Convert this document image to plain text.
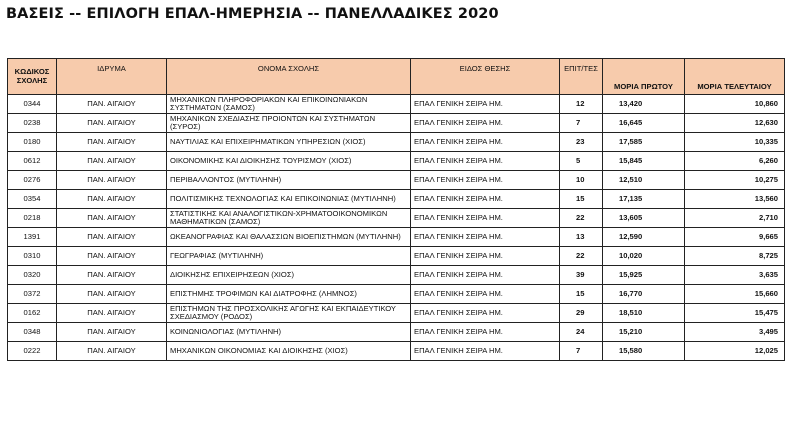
ΒΑΣΕΙΣ -- ΕΠΙΛΟΓΗ ΕΠΑΛ-ΗΜΕΡΗΣΙΑ -- ΠΑΝΕΛΛΑΔΙΚΕΣ 2020
ΚΩΔΙΚΟΣ ΣΧΟΛΗΣ	ΙΔΡΥΜΑ	ΟΝΟΜΑ ΣΧΟΛΗΣ	ΕΙΔΟΣ ΘΕΣΗΣ	ΕΠΙΤ/ΤΕΣ	ΜΟΡΙΑ ΠΡΩΤΟΥ	ΜΟΡΙΑ ΤΕΛΕΥΤΑΙΟΥ
0344	ΠΑΝ. ΑΙΓΑΙΟΥ	ΜΗΧΑΝΙΚΩΝ ΠΛΗΡΟΦΟΡΙΑΚΩΝ ΚΑΙ ΕΠΙΚΟΙΝΩΝΙΑΚΩΝ ΣΥΣΤΗΜΑΤΩΝ (ΣΑΜΟΣ)	ΕΠΑΛ ΓΕΝΙΚΗ ΣΕΙΡΑ ΗΜ.	12	13,420	10,860
0238	ΠΑΝ. ΑΙΓΑΙΟΥ	ΜΗΧΑΝΙΚΩΝ ΣΧΕΔΙΑΣΗΣ ΠΡΟΙΟΝΤΩΝ ΚΑΙ ΣΥΣΤΗΜΑΤΩΝ (ΣΥΡΟΣ)	ΕΠΑΛ ΓΕΝΙΚΗ ΣΕΙΡΑ ΗΜ.	7	16,645	12,630
0180	ΠΑΝ. ΑΙΓΑΙΟΥ	ΝΑΥΤΙΛΙΑΣ ΚΑΙ ΕΠΙΧΕΙΡΗΜΑΤΙΚΩΝ ΥΠΗΡΕΣΙΩΝ (ΧΙΟΣ)	ΕΠΑΛ ΓΕΝΙΚΗ ΣΕΙΡΑ ΗΜ.	23	17,585	10,335
0612	ΠΑΝ. ΑΙΓΑΙΟΥ	ΟΙΚΟΝΟΜΙΚΗΣ ΚΑΙ ΔΙΟΙΚΗΣΗΣ ΤΟΥΡΙΣΜΟΥ (ΧΙΟΣ)	ΕΠΑΛ ΓΕΝΙΚΗ ΣΕΙΡΑ ΗΜ.	5	15,845	6,260
0276	ΠΑΝ. ΑΙΓΑΙΟΥ	ΠΕΡΙΒΑΛΛΟΝΤΟΣ (ΜΥΤΙΛΗΝΗ)	ΕΠΑΛ ΓΕΝΙΚΗ ΣΕΙΡΑ ΗΜ.	10	12,510	10,275
0354	ΠΑΝ. ΑΙΓΑΙΟΥ	ΠΟΛΙΤΙΣΜΙΚΗΣ ΤΕΧΝΟΛΟΓΙΑΣ ΚΑΙ ΕΠΙΚΟΙΝΩΝΙΑΣ (ΜΥΤΙΛΗΝΗ)	ΕΠΑΛ ΓΕΝΙΚΗ ΣΕΙΡΑ ΗΜ.	15	17,135	13,560
0218	ΠΑΝ. ΑΙΓΑΙΟΥ	ΣΤΑΤΙΣΤΙΚΗΣ ΚΑΙ ΑΝΑΛΟΓΙΣΤΙΚΩΝ-ΧΡΗΜΑΤΟΟΙΚΟΝΟΜΙΚΩΝ ΜΑΘΗΜΑΤΙΚΩΝ (ΣΑΜΟΣ)	ΕΠΑΛ ΓΕΝΙΚΗ ΣΕΙΡΑ ΗΜ.	22	13,605	2,710
1391	ΠΑΝ. ΑΙΓΑΙΟΥ	ΩΚΕΑΝΟΓΡΑΦΙΑΣ ΚΑΙ ΘΑΛΑΣΣΙΩΝ ΒΙΟΕΠΙΣΤΗΜΩΝ (ΜΥΤΙΛΗΝΗ)	ΕΠΑΛ ΓΕΝΙΚΗ ΣΕΙΡΑ ΗΜ.	13	12,590	9,665
0310	ΠΑΝ. ΑΙΓΑΙΟΥ	ΓΕΩΓΡΑΦΙΑΣ (ΜΥΤΙΛΗΝΗ)	ΕΠΑΛ ΓΕΝΙΚΗ ΣΕΙΡΑ ΗΜ.	22	10,020	8,725
0320	ΠΑΝ. ΑΙΓΑΙΟΥ	ΔΙΟΙΚΗΣΗΣ ΕΠΙΧΕΙΡΗΣΕΩΝ (ΧΙΟΣ)	ΕΠΑΛ ΓΕΝΙΚΗ ΣΕΙΡΑ ΗΜ.	39	15,925	3,635
0372	ΠΑΝ. ΑΙΓΑΙΟΥ	ΕΠΙΣΤΗΜΗΣ ΤΡΟΦΙΜΩΝ ΚΑΙ ΔΙΑΤΡΟΦΗΣ (ΛΗΜΝΟΣ)	ΕΠΑΛ ΓΕΝΙΚΗ ΣΕΙΡΑ ΗΜ.	15	16,770	15,660
0162	ΠΑΝ. ΑΙΓΑΙΟΥ	ΕΠΙΣΤΗΜΩΝ ΤΗΣ ΠΡΟΣΧΟΛΙΚΗΣ ΑΓΩΓΗΣ ΚΑΙ ΕΚΠΑΙΔΕΥΤΙΚΟΥ ΣΧΕΔΙΑΣΜΟΥ (ΡΟΔΟΣ)	ΕΠΑΛ ΓΕΝΙΚΗ ΣΕΙΡΑ ΗΜ.	29	18,510	15,475
0348	ΠΑΝ. ΑΙΓΑΙΟΥ	ΚΟΙΝΩΝΙΟΛΟΓΙΑΣ (ΜΥΤΙΛΗΝΗ)	ΕΠΑΛ ΓΕΝΙΚΗ ΣΕΙΡΑ ΗΜ.	24	15,210	3,495
0222	ΠΑΝ. ΑΙΓΑΙΟΥ	ΜΗΧΑΝΙΚΩΝ ΟΙΚΟΝΟΜΙΑΣ ΚΑΙ ΔΙΟΙΚΗΣΗΣ (ΧΙΟΣ)	ΕΠΑΛ ΓΕΝΙΚΗ ΣΕΙΡΑ ΗΜ.	7	15,580	12,025
